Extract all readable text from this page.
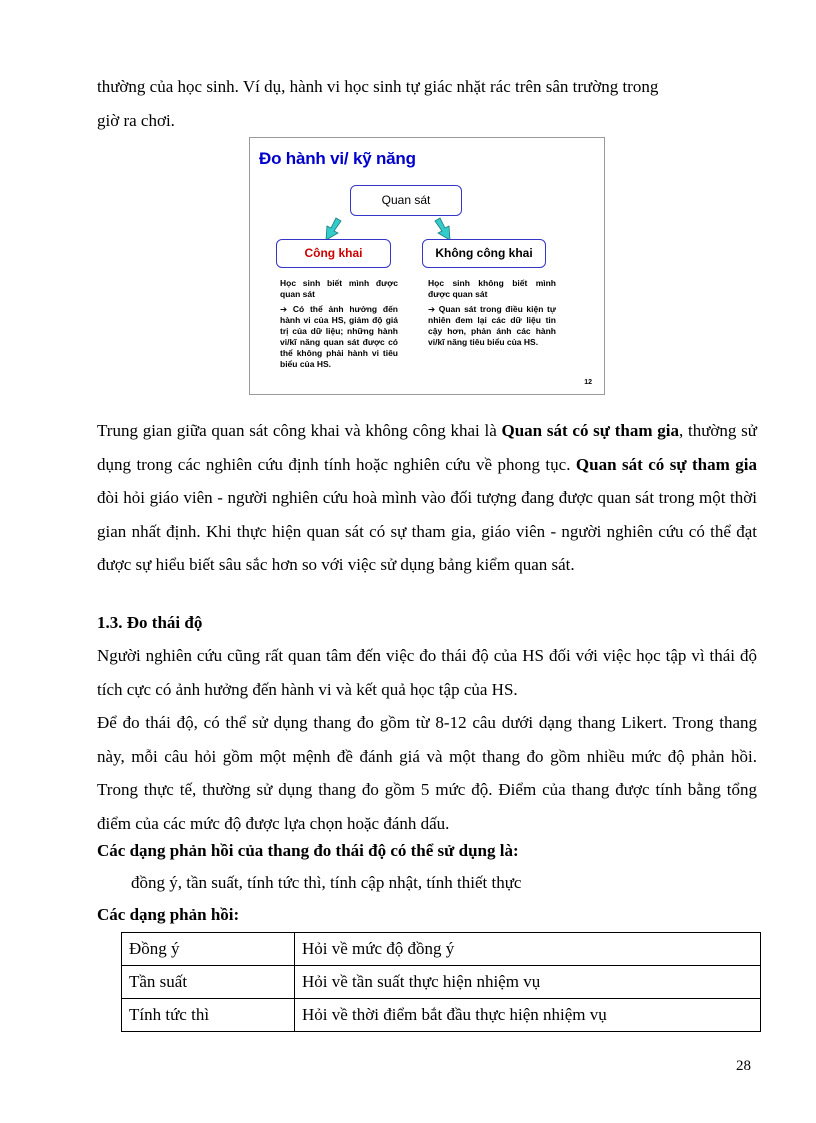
thường của học sinh. Ví dụ, hành vi học sinh tự giác nhặt rác trên sân trường trong
giờ ra chơi.

Đo hành vi/ kỹ năng
Quan sát
Công khai	Không công khai
Học sinh biết mình được quan sát
➔ Có thể ảnh hưởng đến hành vi của HS, giảm độ giá trị của dữ liệu; những hành vi/kĩ năng quan sát được có thể không phải hành vi tiêu biểu của HS.
Học sinh không biết mình được quan sát
➔ Quan sát trong điều kiện tự nhiên đem lại các dữ liệu tin cậy hơn, phản ánh các hành vi/kĩ năng tiêu biểu của HS.
12

Trung gian giữa quan sát công khai và không công khai là Quan sát có sự tham gia, thường sử dụng trong các nghiên cứu định tính hoặc nghiên cứu về phong tục. Quan sát có sự tham gia đòi hỏi giáo viên - người nghiên cứu hoà mình vào đối tượng đang được quan sát trong một thời gian nhất định. Khi thực hiện quan sát có sự tham gia, giáo viên - người nghiên cứu có thể đạt được sự hiểu biết sâu sắc hơn so với việc sử dụng bảng kiểm quan sát.

1.3. Đo thái độ

Người nghiên cứu cũng rất quan tâm đến việc đo thái độ của HS đối với việc học tập vì thái độ tích cực có ảnh hưởng đến hành vi và kết quả học tập của HS.

Để đo thái độ, có thể sử dụng thang đo gồm từ 8-12 câu dưới dạng thang Likert. Trong thang này, mỗi câu hỏi gồm một mệnh đề đánh giá và một thang đo gồm nhiều mức độ phản hồi. Trong thực tế, thường sử dụng thang đo gồm 5 mức độ. Điểm của thang được tính bằng tổng điểm của các mức độ được lựa chọn hoặc đánh dấu.

Các dạng phản hồi của thang đo thái độ có thể sử dụng là:

đồng ý, tần suất, tính tức thì, tính cập nhật, tính thiết thực

Các dạng phản hồi:

Đồng ý	Hỏi về mức độ đồng ý
Tần suất	Hỏi về tần suất thực hiện nhiệm vụ
Tính tức thì	Hỏi về thời điểm bắt đầu thực hiện nhiệm vụ
28
